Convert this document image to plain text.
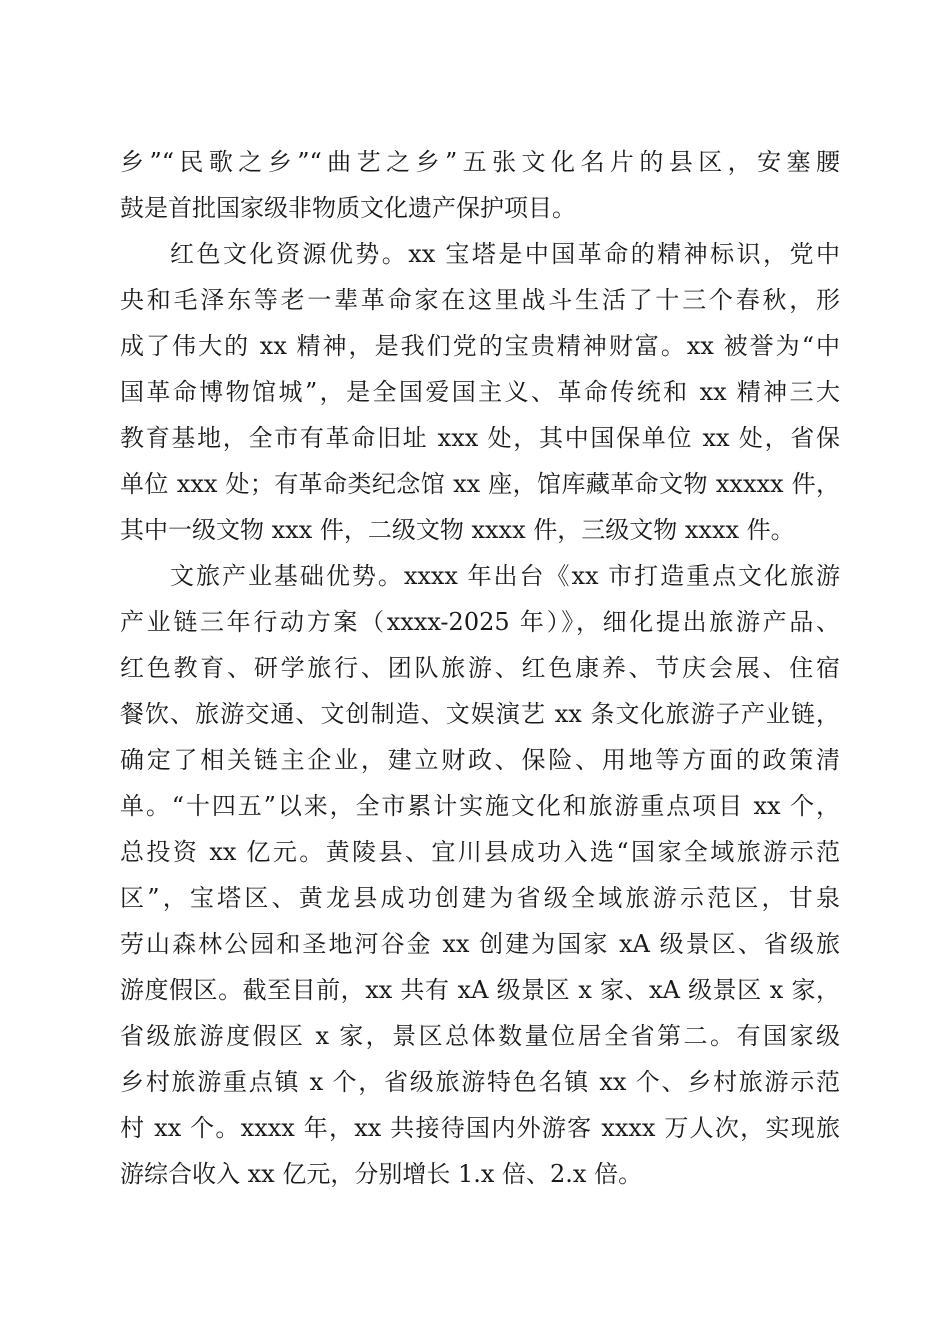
乡”“民歌之乡”“曲艺之乡”五张文化名片的县区，安塞腰
鼓是首批国家级非物质文化遗产保护项目。
红色文化资源优势。xx 宝塔是中国革命的精神标识，党中
央和毛泽东等老一辈革命家在这里战斗生活了十三个春秋，形
成了伟大的 xx 精神，是我们党的宝贵精神财富。xx 被誉为“中
国革命博物馆城”，是全国爱国主义、革命传统和 xx 精神三大
教育基地，全市有革命旧址 xxx 处，其中国保单位 xx 处，省保
单位 xxx 处；有革命类纪念馆 xx 座，馆库藏革命文物 xxxxx 件，
其中一级文物 xxx 件，二级文物 xxxx 件，三级文物 xxxx 件。
文旅产业基础优势。xxxx 年出台《xx 市打造重点文化旅游
产业链三年行动方案（xxxx-2025 年）》，细化提出旅游产品、
红色教育、研学旅行、团队旅游、红色康养、节庆会展、住宿
餐饮、旅游交通、文创制造、文娱演艺 xx 条文化旅游子产业链，
确定了相关链主企业，建立财政、保险、用地等方面的政策清
单。“十四五”以来，全市累计实施文化和旅游重点项目 xx 个，
总投资 xx 亿元。黄陵县、宜川县成功入选“国家全域旅游示范
区”，宝塔区、黄龙县成功创建为省级全域旅游示范区，甘泉
劳山森林公园和圣地河谷金 xx 创建为国家 xA 级景区、省级旅
游度假区。截至目前，xx 共有 xA 级景区 x 家、xA 级景区 x 家，
省级旅游度假区 x 家，景区总体数量位居全省第二。有国家级
乡村旅游重点镇 x 个，省级旅游特色名镇 xx 个、乡村旅游示范
村 xx 个。xxxx 年，xx 共接待国内外游客 xxxx 万人次，实现旅
游综合收入 xx 亿元，分别增长 1.x 倍、2.x 倍。
